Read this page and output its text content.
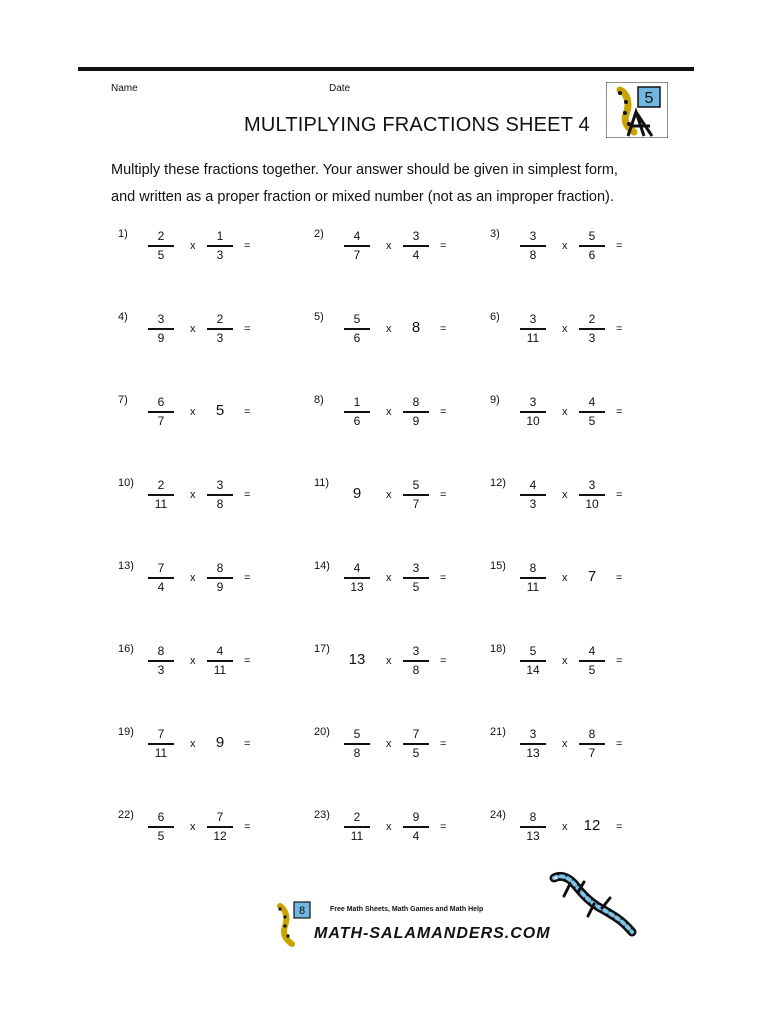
Name	Date
MULTIPLYING FRACTIONS SHEET 4
5
Multiply these fractions together. Your answer should be given in simplest form,
and written as a proper fraction or mixed number (not as an improper fraction).
1)	2
5
x
1
3
=
2)	4
7
x
3
4
=
3)	3
8
x
5
6
=
4)	3
9
x
2
3
=
5)	5
6
x	8	=
6)	3
11
x
2
3
=
7)	6
7
x	5	=
8)	1
6
x
8
9
=
9)	3
10
x
4
5
=
10)	2
11
x
3
8
=
11)
9	x
5
7
=
12)	4
3
x
3
10
=
13)	7
4
x
8
9
=
14)	4
13
x
3
5
=
15)	8
11
x	7	=
16)	8
3
x
4
11
=
17)
13	x
3
8
=
18)	5
14
x
4
5
=
19)	7
11
x	9	=
20)	5
8
x
7
5
=
21)	3
13
x
8
7
=
22)	6
5
x
7
12
=
23)	2
11
x
9
4
=
24)	8
13
x	12	=
8	Free Math Sheets, Math Games and Math Help
MATH-SALAMANDERS.COM
